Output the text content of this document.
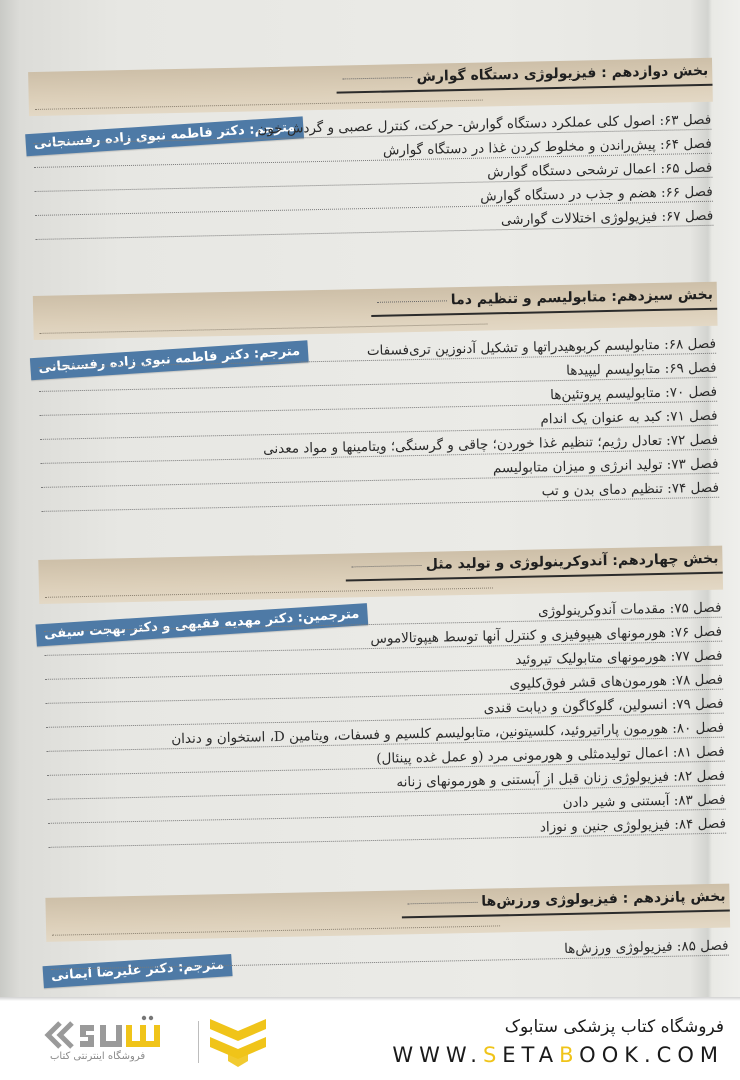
بخش دوازدهم : فیزیولوژی دستگاه گوارش
مترجم: دکتر فاطمه نبوی زاده رفسنجانی
فصل ۶۳: اصول کلی عملکرد دستگاه گوارش- حرکت، کنترل عصبی و گردش خون
فصل ۶۴: پیش‌راندن و مخلوط کردن غذا در دستگاه گوارش
فصل ۶۵: اعمال ترشحی دستگاه گوارش
فصل ۶۶: هضم و جذب در دستگاه گوارش
فصل ۶۷: فیزیولوژی اختلالات گوارشی
بخش سیزدهم: متابولیسم و تنظیم دما
مترجم: دکتر فاطمه نبوی زاده رفسنجانی	فصل ۶۸: متابولیسم کربوهیدراتها و تشکیل آدنوزین تری‌فسفات
فصل ۶۹: متابولیسم لیپیدها
فصل ۷۰: متابولیسم پروتئین‌ها
فصل ۷۱: کبد به عنوان یک اندام
فصل ۷۲: تعادل رژیم؛ تنظیم غذا خوردن؛ چاقی و گرسنگی؛ ویتامینها و مواد معدنی
فصل ۷۳: تولید انرژی و میزان متابولیسم
فصل ۷۴: تنظیم دمای بدن و تب
بخش چهاردهم: آندوکرینولوژی و تولید مثل
مترجمین: دکتر مهدیه فقیهی و دکتر بهجت سیفی	فصل ۷۵: مقدمات آندوکرینولوژی
فصل ۷۶: هورمونهای هیپوفیزی و کنترل آنها توسط هیپوتالاموس
فصل ۷۷: هورمونهای متابولیک تیروئید
فصل ۷۸: هورمون‌های قشر فوق‌کلیوی
فصل ۷۹: انسولین، گلوکاگون و دیابت قندی
فصل ۸۰: هورمون پاراتیروئید، کلسیتونین، متابولیسم کلسیم و فسفات، ویتامین D، استخوان و دندان
فصل ۸۱: اعمال تولیدمثلی و هورمونی مرد (و عمل غده پینئال)
فصل ۸۲: فیزیولوژی زنان قبل از آبستنی و هورمونهای زنانه
فصل ۸۳: آبستنی و شیر دادن
فصل ۸۴: فیزیولوژی جنین و نوزاد
بخش پانزدهم : فیزیولوژی ورزش‌ها
مترجم: دکتر علیرضا ایمانی
فصل ۸۵: فیزیولوژی ورزش‌ها
فروشگاه اینترنتی کتاب
فروشگاه کتاب پزشکی ستابوک
WWW.SETABOOK.COM
